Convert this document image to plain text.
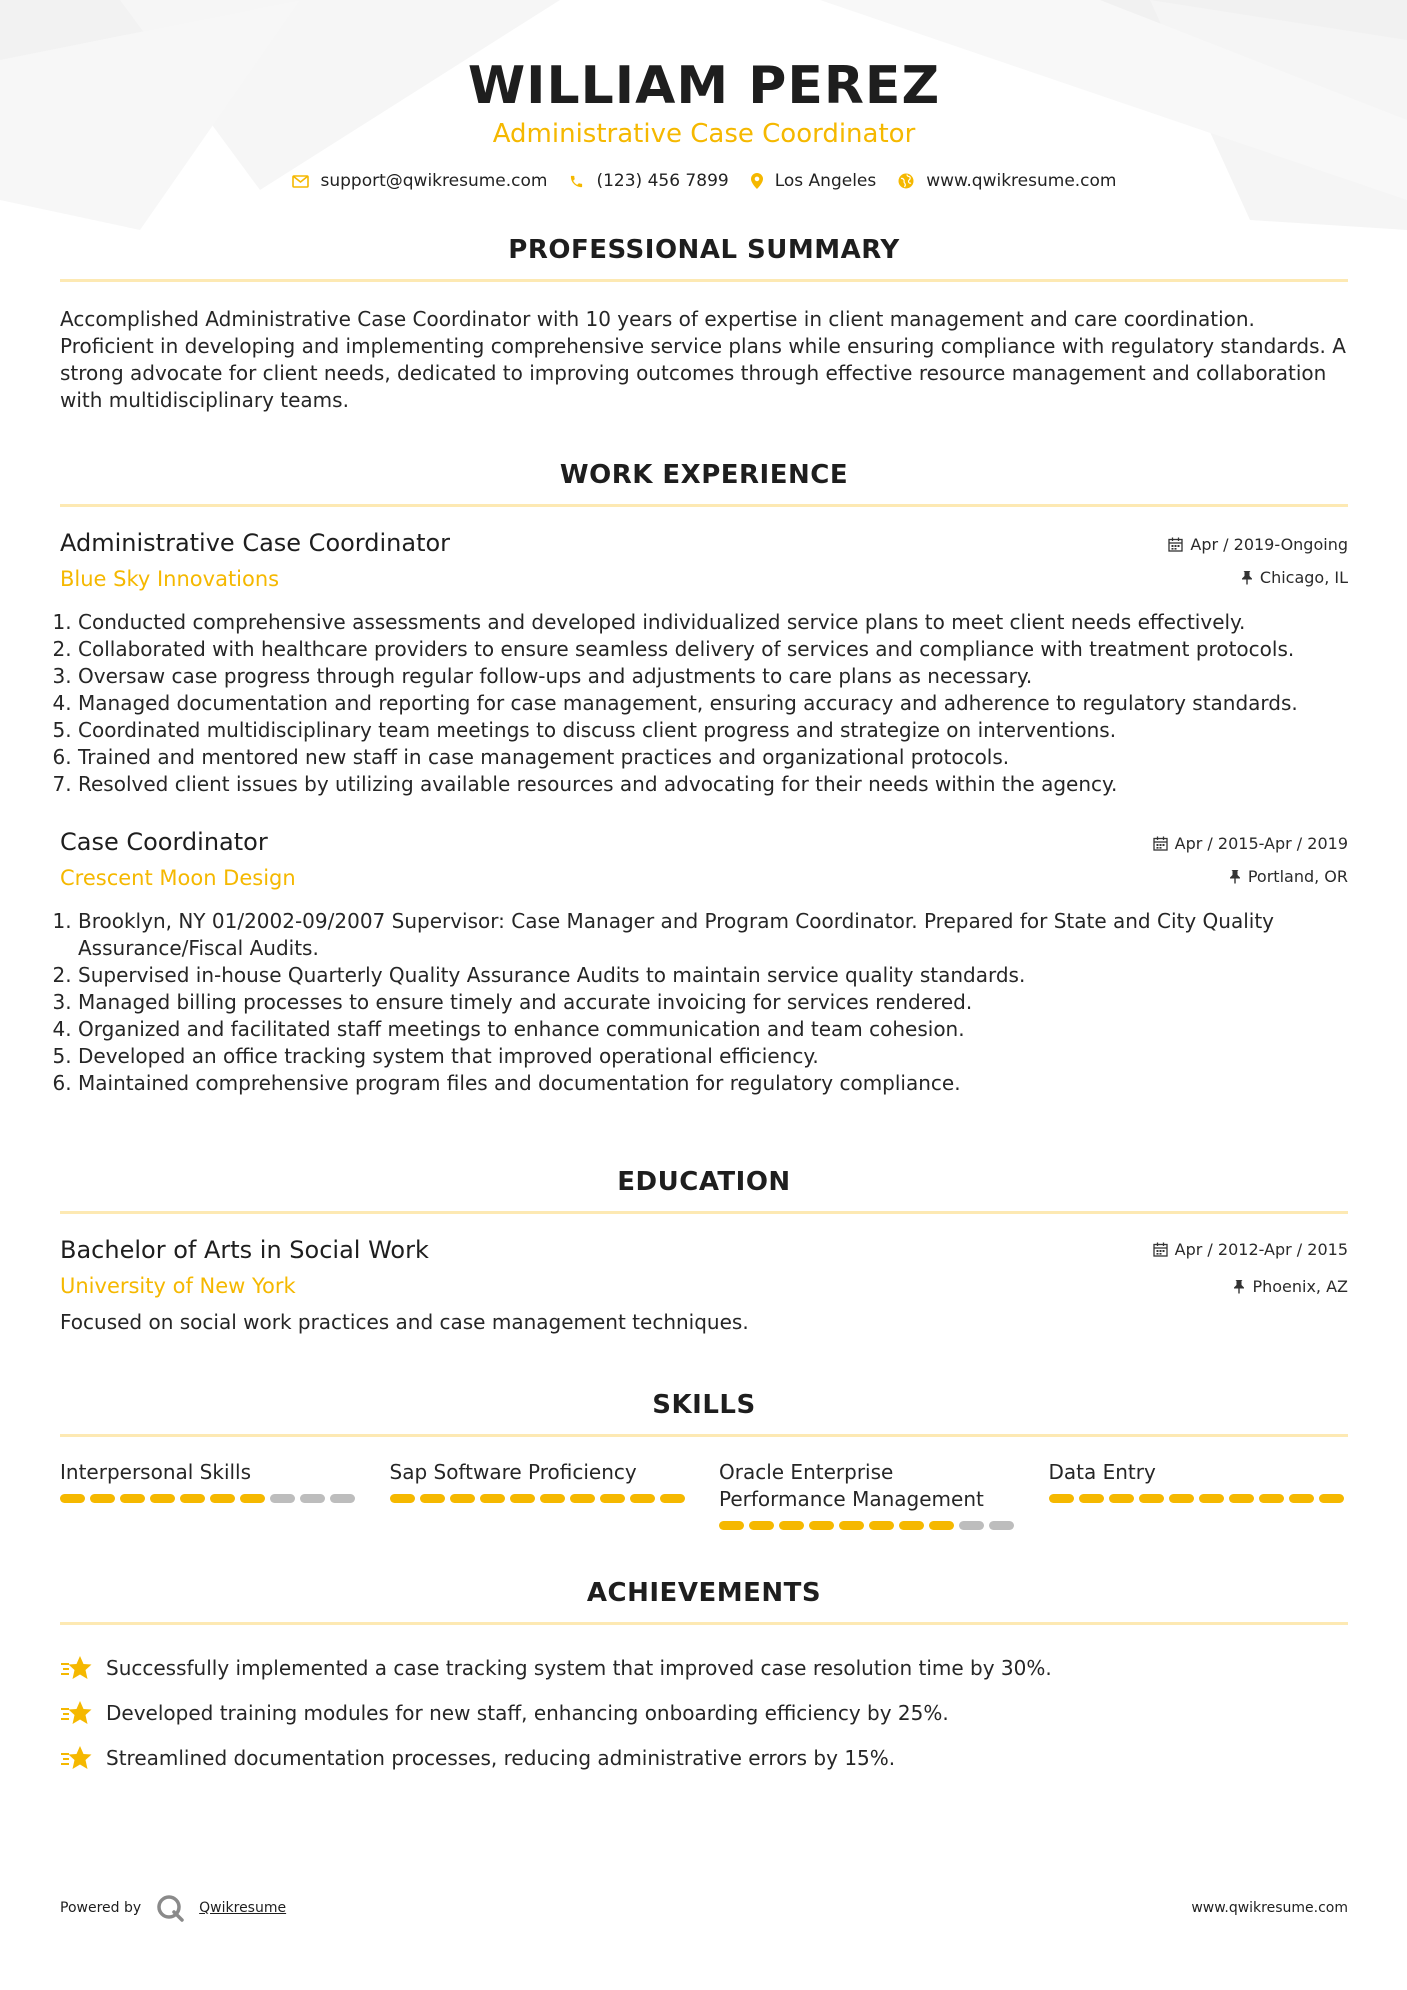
WILLIAM PEREZ
Administrative Case Coordinator
support@qwikresume.com	(123) 456 7899	Los Angeles	www.qwikresume.com
PROFESSIONAL SUMMARY
Accomplished Administrative Case Coordinator with 10 years of expertise in client management and care coordination. Proficient in developing and implementing comprehensive service plans while ensuring compliance with regulatory standards. A strong advocate for client needs, dedicated to improving outcomes through effective resource management and collaboration with multidisciplinary teams.
WORK EXPERIENCE
Administrative Case Coordinator
Blue Sky Innovations
Apr / 2019-Ongoing
Chicago, IL
1. Conducted comprehensive assessments and developed individualized service plans to meet client needs effectively.
2. Collaborated with healthcare providers to ensure seamless delivery of services and compliance with treatment protocols.
3. Oversaw case progress through regular follow-ups and adjustments to care plans as necessary.
4. Managed documentation and reporting for case management, ensuring accuracy and adherence to regulatory standards.
5. Coordinated multidisciplinary team meetings to discuss client progress and strategize on interventions.
6. Trained and mentored new staff in case management practices and organizational protocols.
7. Resolved client issues by utilizing available resources and advocating for their needs within the agency.
Case Coordinator
Crescent Moon Design
Apr / 2015-Apr / 2019
Portland, OR
1. Brooklyn, NY 01/2002-09/2007 Supervisor: Case Manager and Program Coordinator. Prepared for State and City Quality Assurance/Fiscal Audits.
2. Supervised in-house Quarterly Quality Assurance Audits to maintain service quality standards.
3. Managed billing processes to ensure timely and accurate invoicing for services rendered.
4. Organized and facilitated staff meetings to enhance communication and team cohesion.
5. Developed an office tracking system that improved operational efficiency.
6. Maintained comprehensive program files and documentation for regulatory compliance.
EDUCATION
Bachelor of Arts in Social Work
University of New York
Apr / 2012-Apr / 2015
Phoenix, AZ
Focused on social work practices and case management techniques.
SKILLS
Interpersonal Skills	Sap Software Proficiency	Oracle Enterprise Performance Management
Data Entry
ACHIEVEMENTS
Successfully implemented a case tracking system that improved case resolution time by 30%.
Developed training modules for new staff, enhancing onboarding efficiency by 25%.
Streamlined documentation processes, reducing administrative errors by 15%.
Powered by	Qwikresume	www.qwikresume.com
